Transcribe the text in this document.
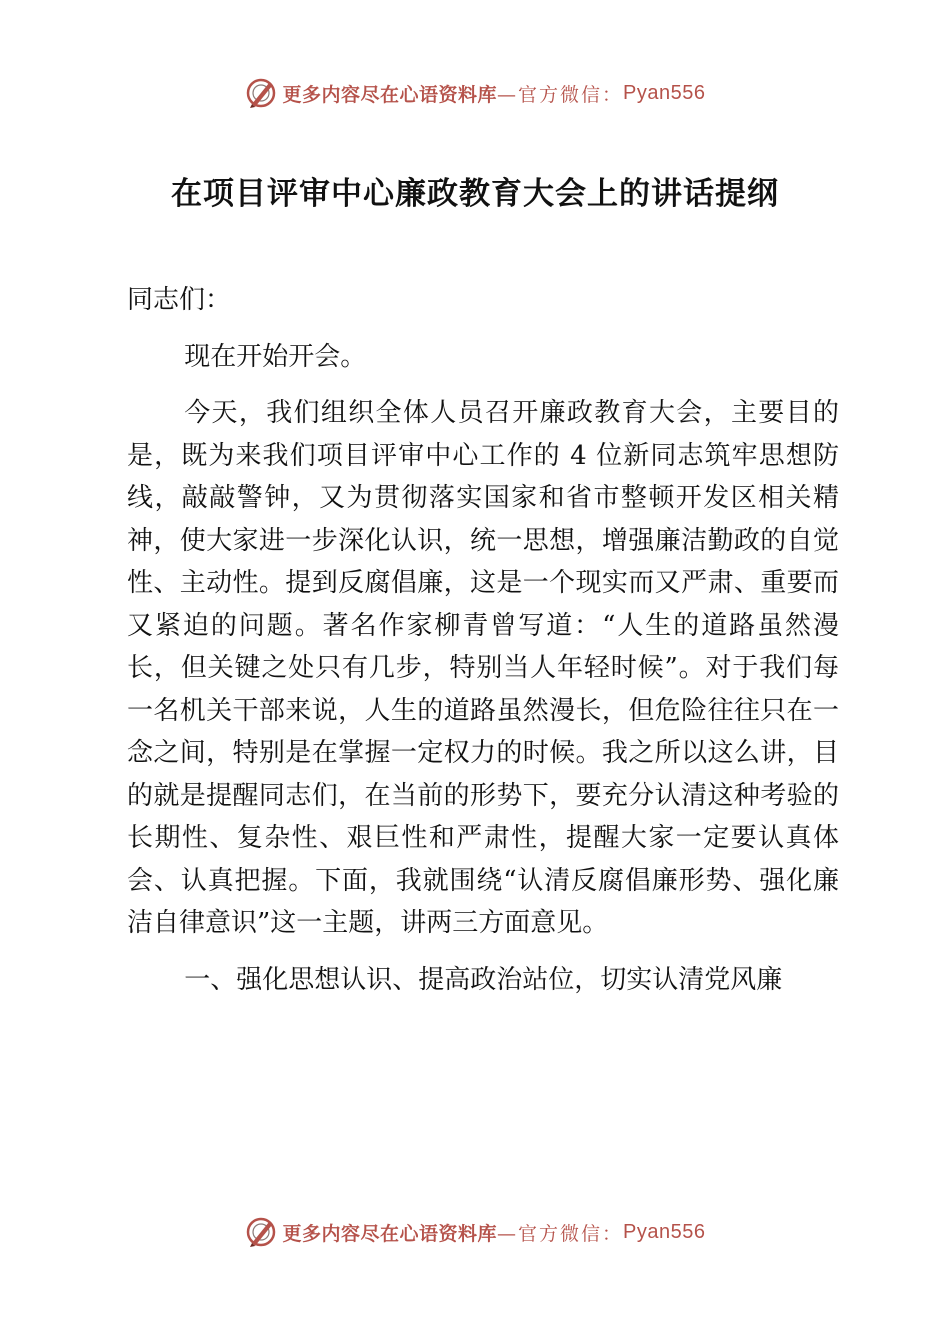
更多内容尽在心语资料库 —官方微信： Pyan556
在项目评审中心廉政教育大会上的讲话提纲

同志们：

现在开始开会。

今天，我们组织全体人员召开廉政教育大会，主要目的是，既为来我们项目评审中心工作的 4 位新同志筑牢思想防线，敲敲警钟，又为贯彻落实国家和省市整顿开发区相关精神，使大家进一步深化认识，统一思想，增强廉洁勤政的自觉性、主动性。提到反腐倡廉，这是一个现实而又严肃、重要而又紧迫的问题。著名作家柳青曾写道：“人生的道路虽然漫长，但关键之处只有几步，特别当人年轻时候”。对于我们每一名机关干部来说，人生的道路虽然漫长，但危险往往只在一念之间，特别是在掌握一定权力的时候。我之所以这么讲，目的就是提醒同志们，在当前的形势下，要充分认清这种考验的长期性、复杂性、艰巨性和严肃性，提醒大家一定要认真体会、认真把握。下面，我就围绕“认清反腐倡廉形势、强化廉洁自律意识”这一主题，讲两三方面意见。

一、强化思想认识、提高政治站位，切实认清党风廉

更多内容尽在心语资料库 —官方微信： Pyan556
